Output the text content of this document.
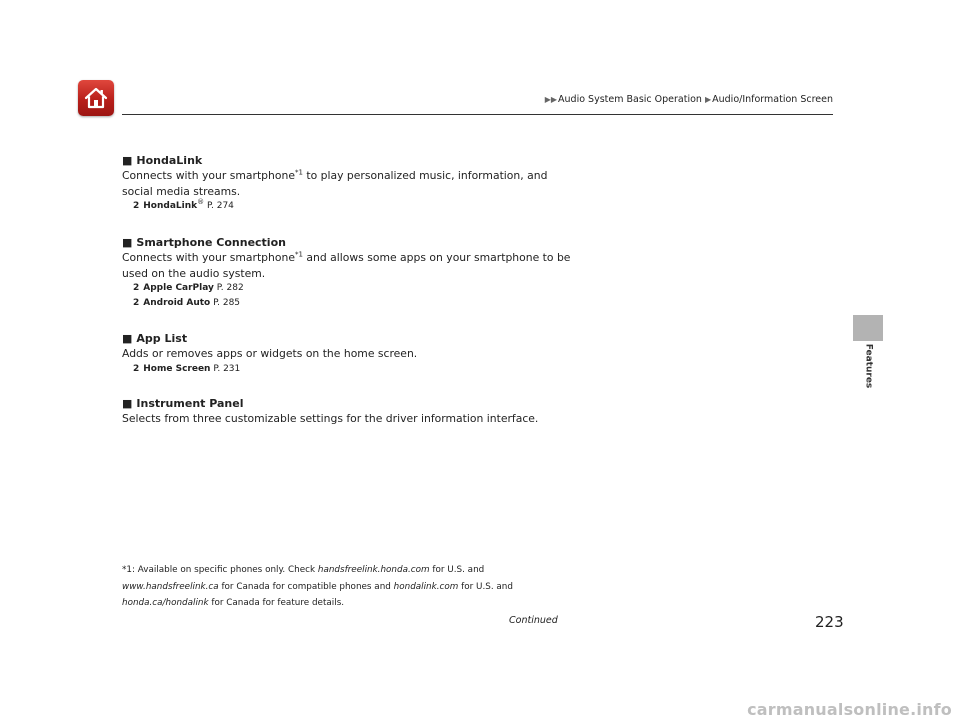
▶▶Audio System Basic Operation ▶Audio/Information Screen
Features
■ HondaLink
Connects with your smartphone$^{*1}$ to play personalized music, information, and social media streams.
2 HondaLink® P. 274
■ Smartphone Connection
Connects with your smartphone$^{*1}$ and allows some apps on your smartphone to be used on the audio system.
2 Apple CarPlay P. 282
2 Android Auto P. 285
■ App List
Adds or removes apps or widgets on the home screen.
2 Home Screen P. 231
■ Instrument Panel
Selects from three customizable settings for the driver information interface.
*1: Available on specific phones only. Check handsfreelink.honda.com for U.S. and
www.handsfreelink.ca for Canada for compatible phones and hondalink.com for U.S. and
honda.ca/hondalink for Canada for feature details.
Continued	223
carmanualsonline.info
